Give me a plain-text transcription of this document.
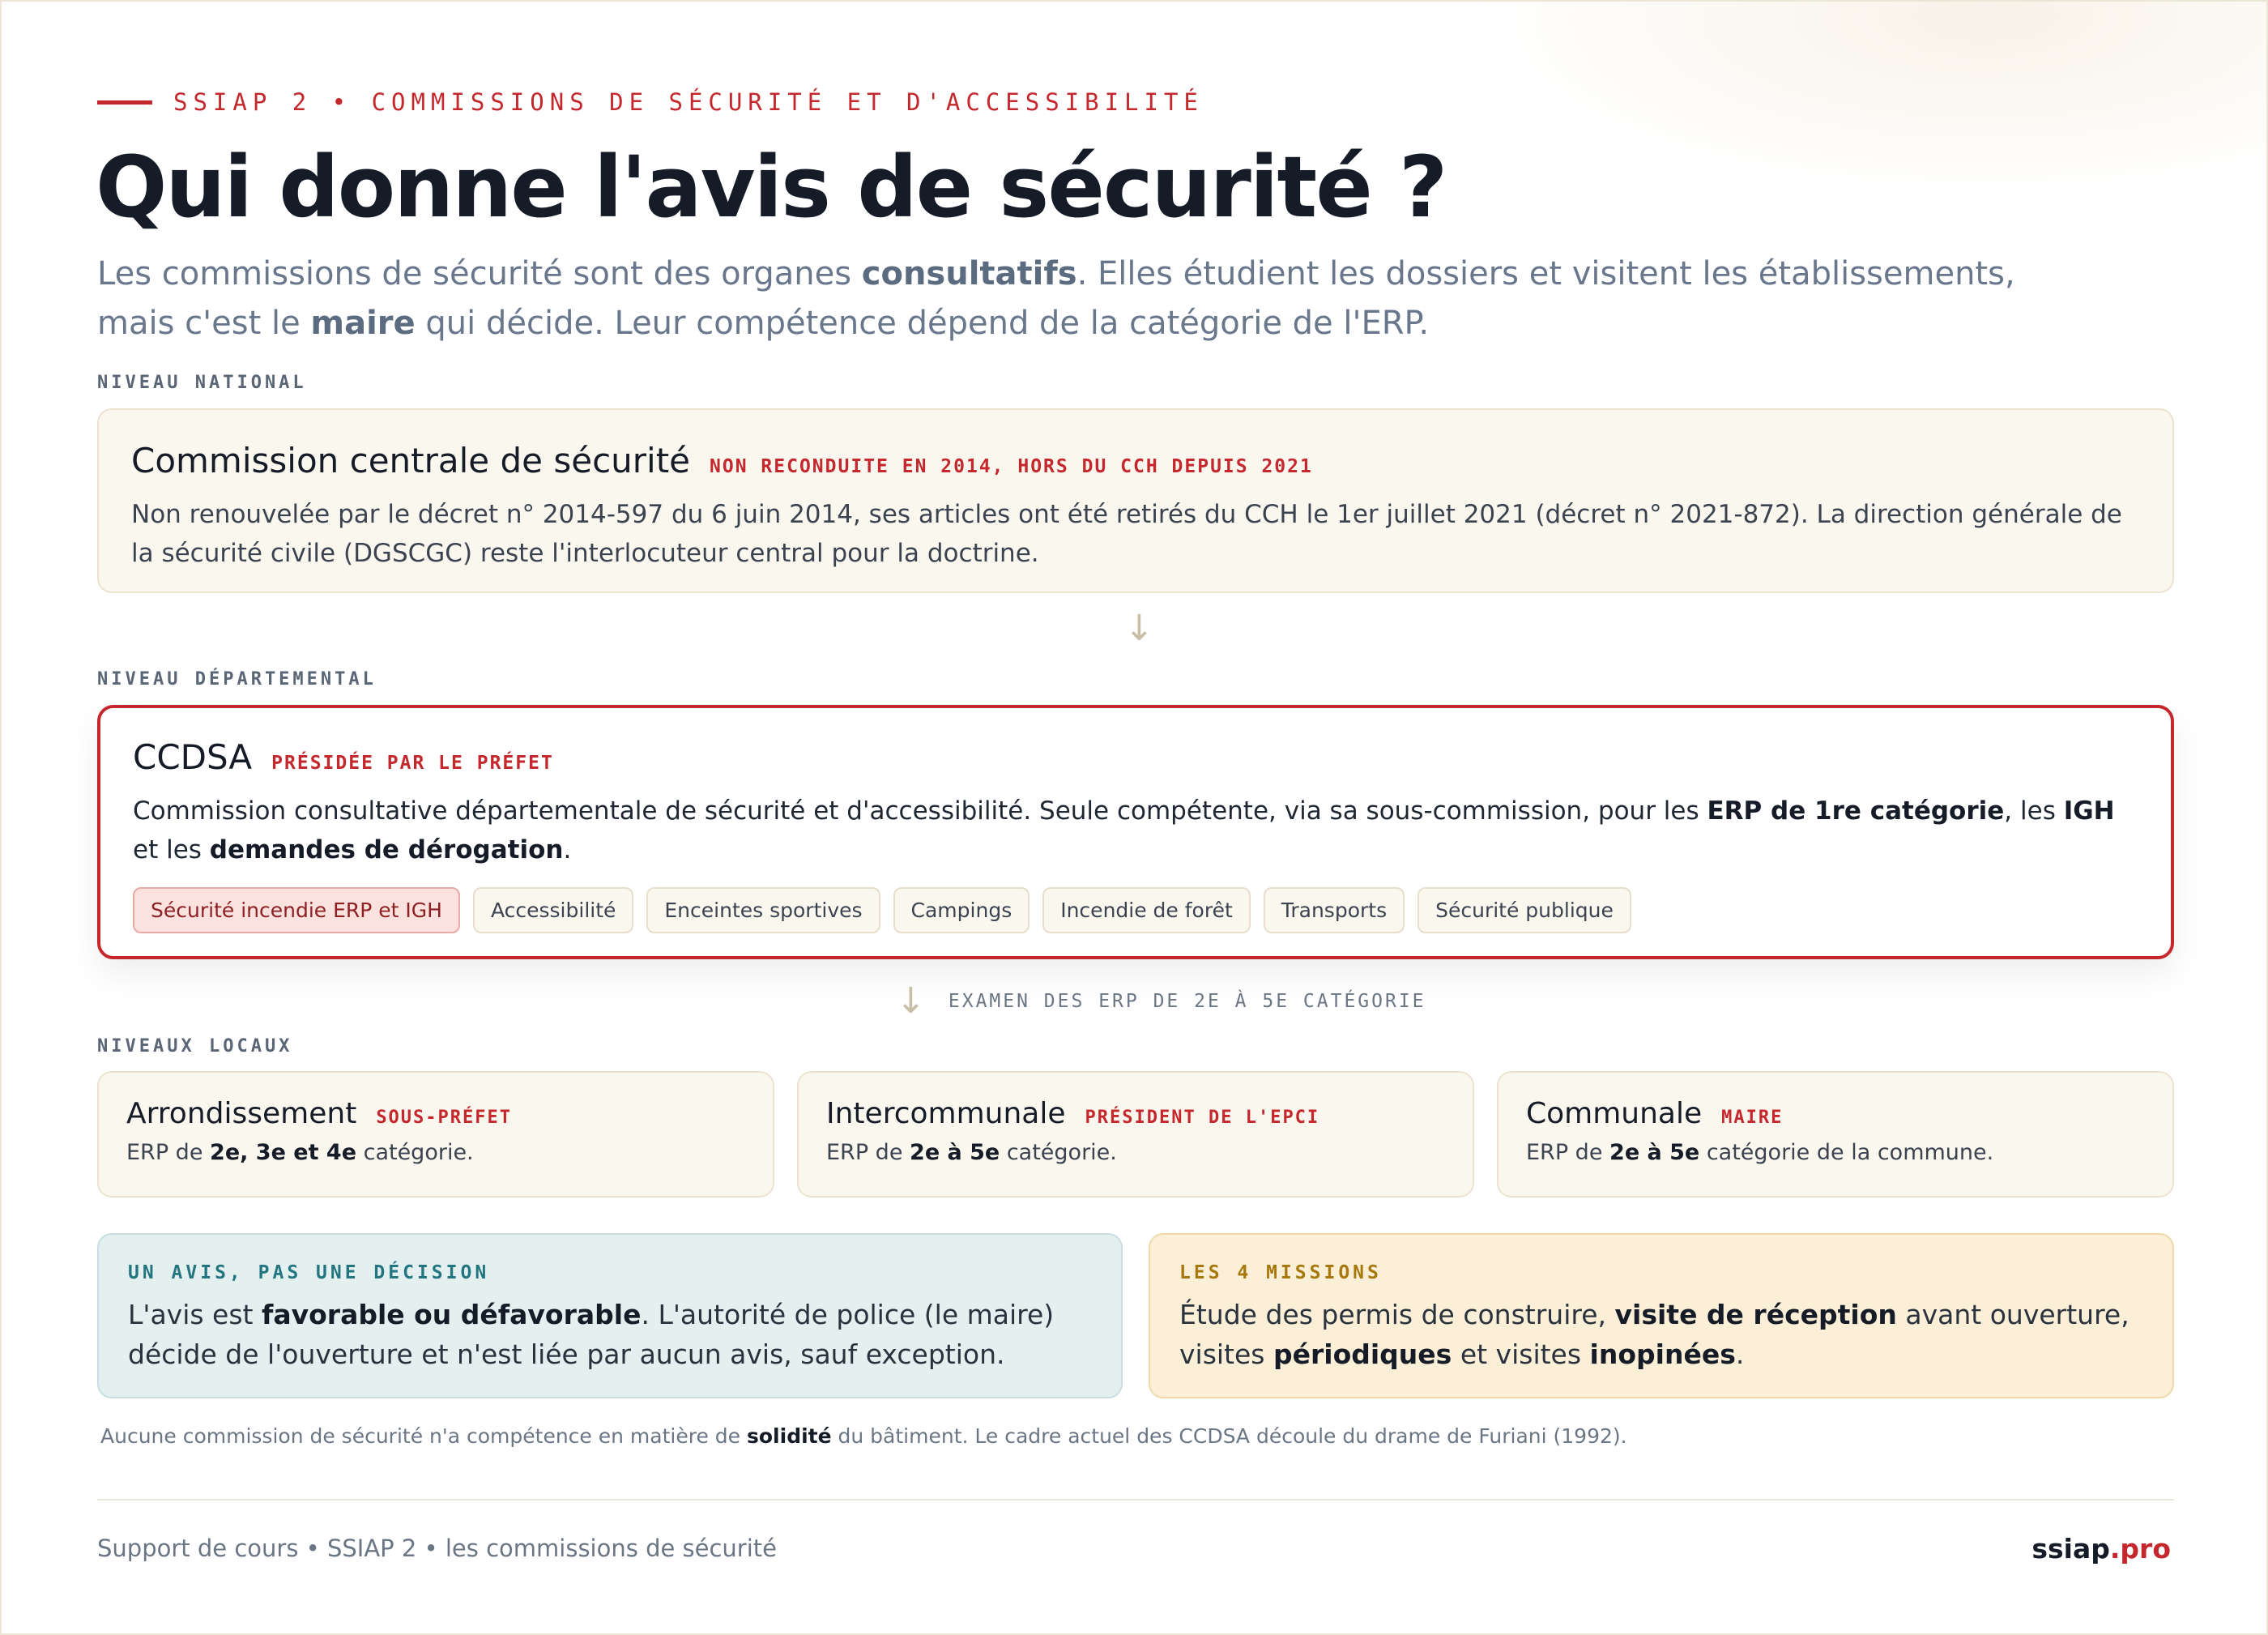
SSIAP 2 • COMMISSIONS DE SÉCURITÉ ET D'ACCESSIBILITÉ
Qui donne l'avis de sécurité ?

Les commissions de sécurité sont des organes consultatifs. Elles étudient les dossiers et visitent les établissements, mais c'est le maire qui décide. Leur compétence dépend de la catégorie de l'ERP.

NIVEAU NATIONAL
Commission centrale de sécurité NON RECONDUITE EN 2014, HORS DU CCH DEPUIS 2021

Non renouvelée par le décret n° 2014-597 du 6 juin 2014, ses articles ont été retirés du CCH le 1er juillet 2021 (décret n° 2021-872). La direction générale de la sécurité civile (DGSCGC) reste l'interlocuteur central pour la doctrine.

↓
NIVEAU DÉPARTEMENTAL
CCDSA PRÉSIDÉE PAR LE PRÉFET

Commission consultative départementale de sécurité et d'accessibilité. Seule compétente, via sa sous-commission, pour les ERP de 1re catégorie, les IGH et les demandes de dérogation.

Sécurité incendie ERP et IGH	Accessibilité	Enceintes sportives	Campings	Incendie de forêt	Transports	Sécurité publique
↓ EXAMEN DES ERP DE 2E À 5E CATÉGORIE
NIVEAUX LOCAUX
Arrondissement SOUS-PRÉFET

ERP de 2e, 3e et 4e catégorie.

Intercommunale PRÉSIDENT DE L'EPCI

ERP de 2e à 5e catégorie.

Communale MAIRE

ERP de 2e à 5e catégorie de la commune.

UN AVIS, PAS UNE DÉCISION

L'avis est favorable ou défavorable. L'autorité de police (le maire) décide de l'ouverture et n'est liée par aucun avis, sauf exception.

LES 4 MISSIONS

Étude des permis de construire, visite de réception avant ouverture, visites périodiques et visites inopinées.

Aucune commission de sécurité n'a compétence en matière de solidité du bâtiment. Le cadre actuel des CCDSA découle du drame de Furiani (1992).

Support de cours • SSIAP 2 • les commissions de sécurité	ssiap.pro
